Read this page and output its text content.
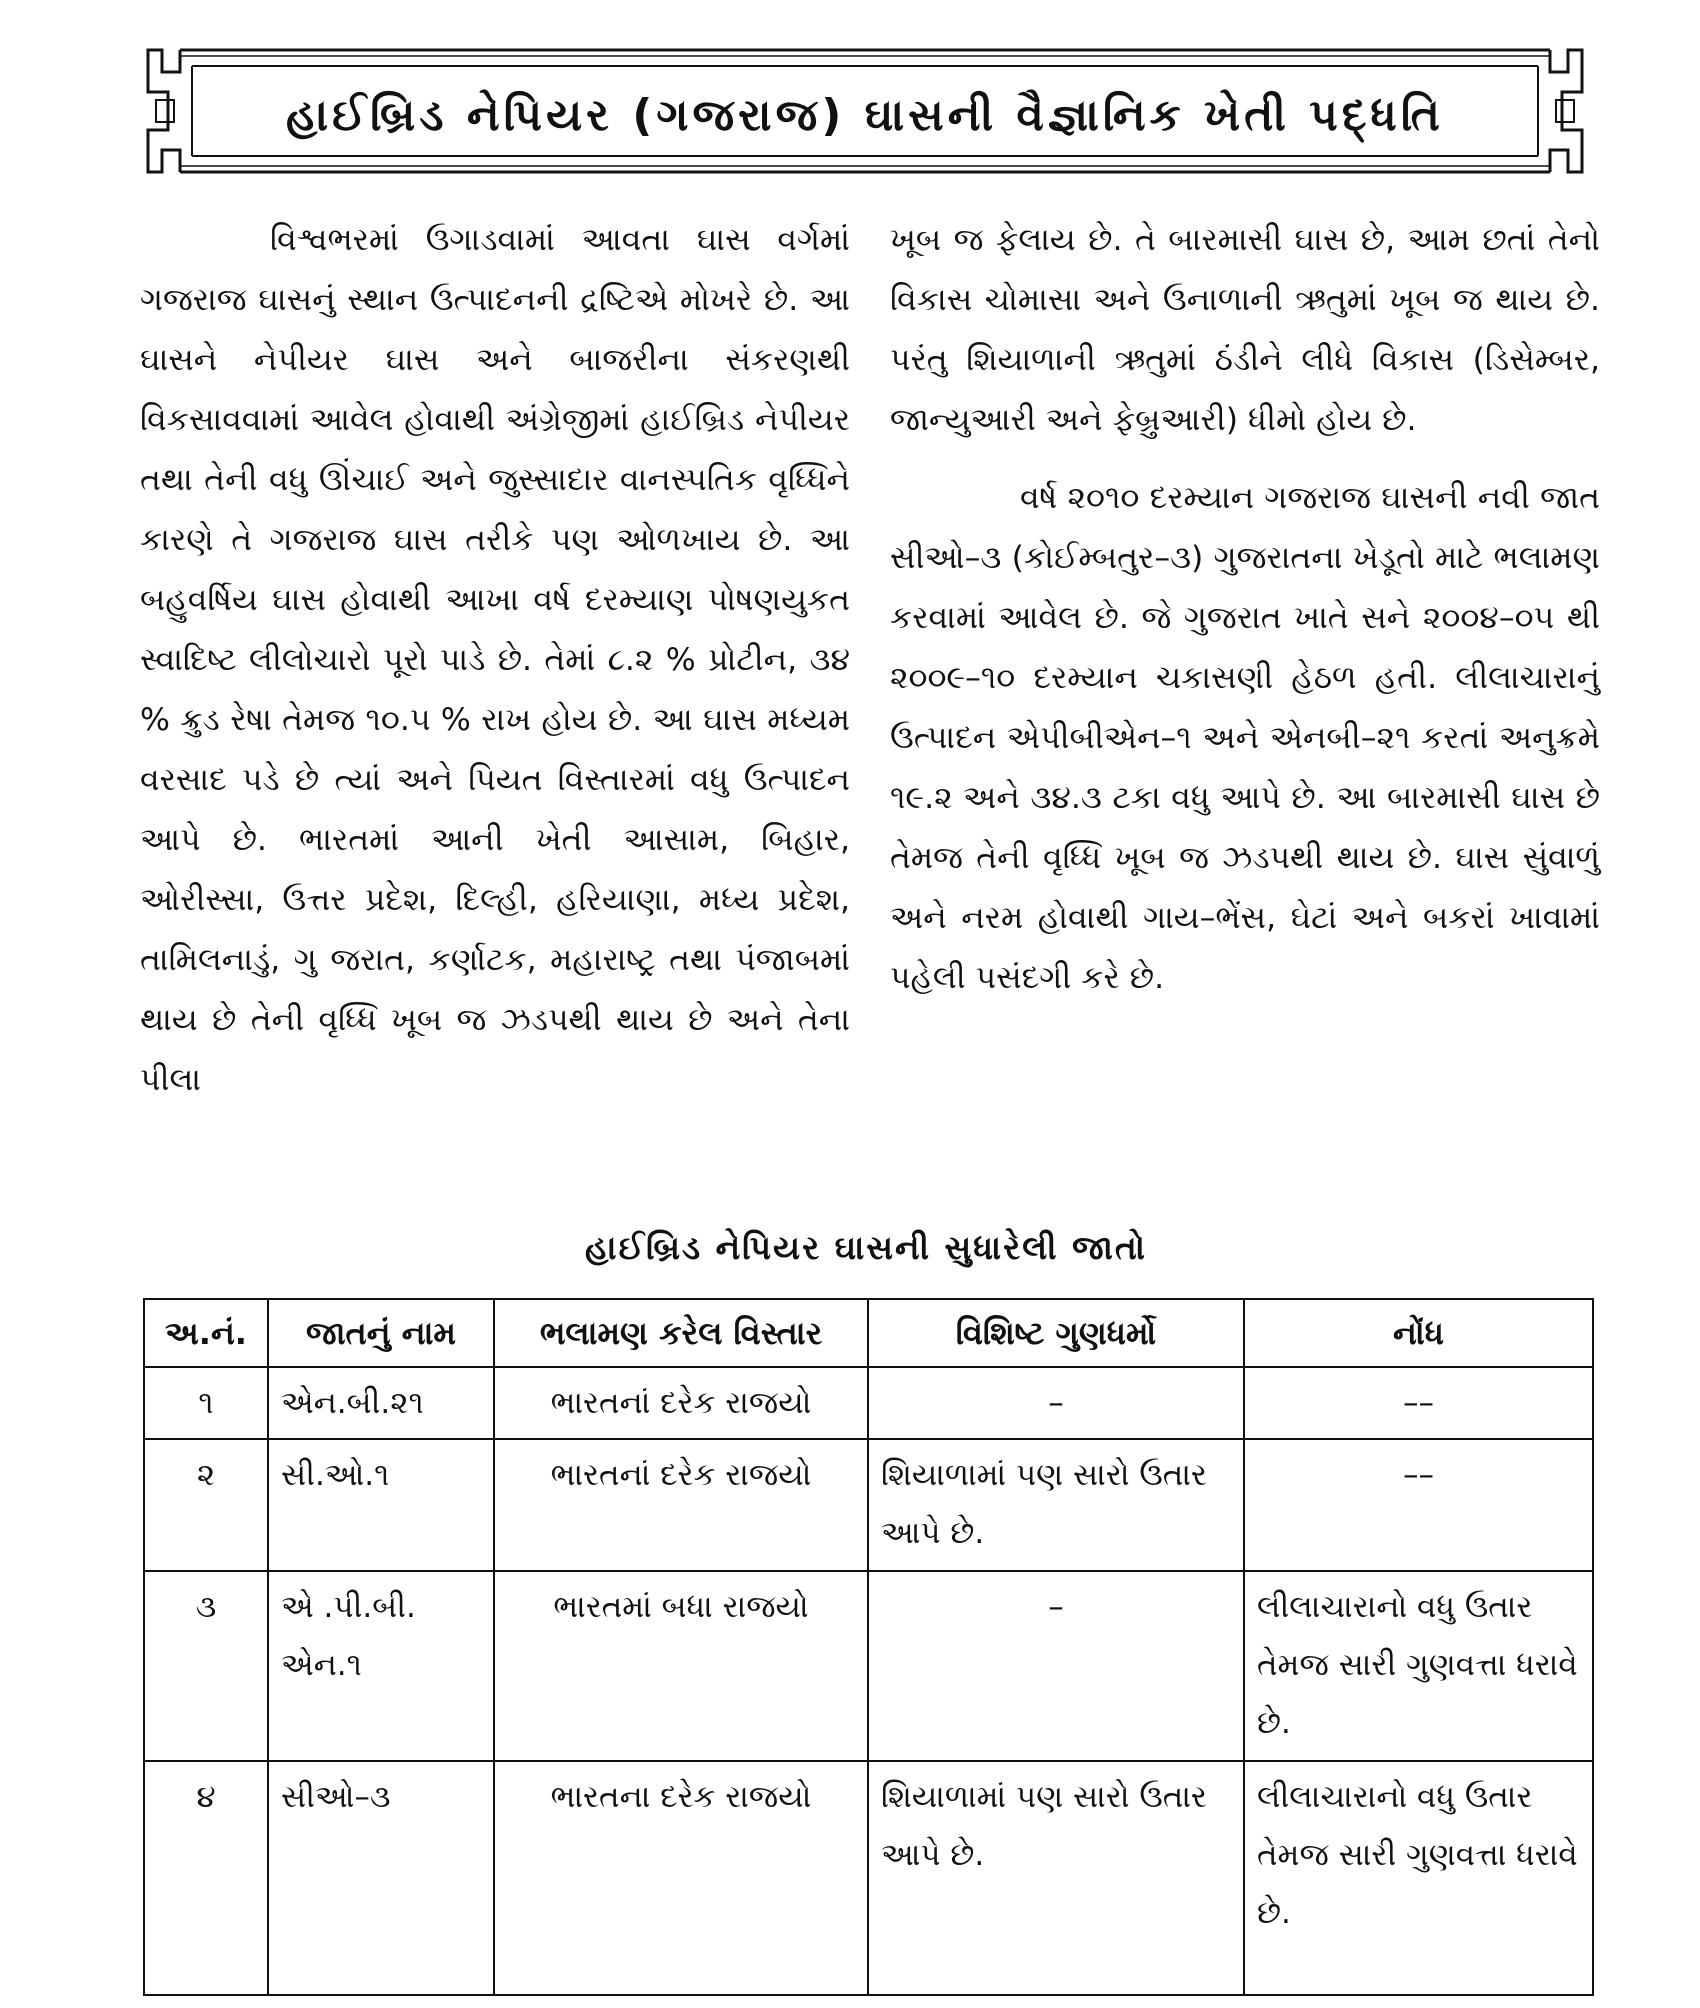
હાઈબ્રિડ નેપિયર (ગજરાજ) ઘાસની વૈજ્ઞાનિક ખેતી પદ્ધતિ

વિશ્વભરમાં ઉગાડવામાં આવતા ઘાસ વર્ગમાં ગજરાજ ઘાસનું સ્થાન ઉત્પાદનની દ્રષ્ટિએ મોખરે છે. આ ઘાસને નેપીયર ઘાસ અને બાજરીના સંકરણથી વિકસાવવામાં આવેલ હોવાથી અંગ્રેજીમાં હાઈબ્રિડ નેપીયર તથા તેની વધુ ઊંચાઈ અને જુસ્સાદાર વાનસ્પતિક વૃધ્ધિને કારણે તે ગજરાજ ઘાસ તરીકે પણ ઓળખાય છે. આ બહુવર્ષિય ઘાસ હોવાથી આખા વર્ષ દરમ્યાણ પોષણયુકત સ્વાદિષ્ટ લીલોચારો પૂરો પાડે છે. તેમાં ૮.૨ % પ્રોટીન, ૩૪ % ક્રુડ રેષા તેમજ ૧૦.૫ % રાખ હોય છે. આ ઘાસ મધ્યમ વરસાદ પડે છે ત્યાં અને પિયત વિસ્તારમાં વધુ ઉત્પાદન આપે છે. ભારતમાં આની ખેતી આસામ, બિહાર, ઓરીસ્સા, ઉત્તર પ્રદેશ, દિલ્હી, હરિયાણા, મધ્ય પ્રદેશ, તામિલનાડું, ગુ જરાત, કર્ણાટક, મહારાષ્ટ્ર તથા પંજાબમાં થાય છે તેની વૃધ્ધિ ખૂબ જ ઝડપથી થાય છે અને તેના પીલા

ખૂબ જ ફેલાય છે. તે બારમાસી ઘાસ છે, આમ છતાં તેનો વિકાસ ચોમાસા અને ઉનાળાની ઋતુમાં ખૂબ જ થાય છે. પરંતુ શિયાળાની ઋતુમાં ઠંડીને લીધે વિકાસ (ડિસેમ્બર, જાન્યુઆરી અને ફેબ્રુઆરી) ધીમો હોય છે.

વર્ષ ૨૦૧૦ દરમ્યાન ગજરાજ ઘાસની નવી જાત સીઓ–૩ (કોઈમ્બતુર–૩) ગુજરાતના ખેડૂતો માટે ભલામણ કરવામાં આવેલ છે. જે ગુજરાત ખાતે સને ૨૦૦૪–૦૫ થી ૨૦૦૯–૧૦ દરમ્યાન ચકાસણી હેઠળ હતી. લીલાચારાનું ઉત્પાદન એપીબીએન–૧ અને એનબી–૨૧ કરતાં અનુક્રમે ૧૯.૨ અને ૩૪.૩ ટકા વધુ આપે છે. આ બારમાસી ઘાસ છે તેમજ તેની વૃધ્ધિ ખૂબ જ ઝડપથી થાય છે. ઘાસ સુંવાળું અને નરમ હોવાથી ગાય–ભેંસ, ઘેટાં અને બકરાં ખાવામાં પહેલી પસંદગી કરે છે.

હાઈબ્રિડ નેપિયર ઘાસની સુધારેલી જાતો
અ.નં.	જાતનું નામ	ભલામણ કરેલ વિસ્તાર	વિશિષ્ટ ગુણધર્મો	નોંધ
૧	એન.બી.૨૧	ભારતનાં દરેક રાજયો	–	––
૨	સી.ઓ.૧	ભારતનાં દરેક રાજયો	શિયાળામાં પણ સારો ઉતાર આપે છે.	––
૩	એ .પી.બી. એન.૧	ભારતમાં બધા રાજયો	–	લીલાચારાનો વધુ ઉતાર તેમજ સારી ગુણવત્તા ધરાવે છે.
૪	સીઓ–૩	ભારતના દરેક રાજયો	શિયાળામાં પણ સારો ઉતાર આપે છે.	લીલાચારાનો વધુ ઉતાર તેમજ સારી ગુણવત્તા ધરાવે છે.
